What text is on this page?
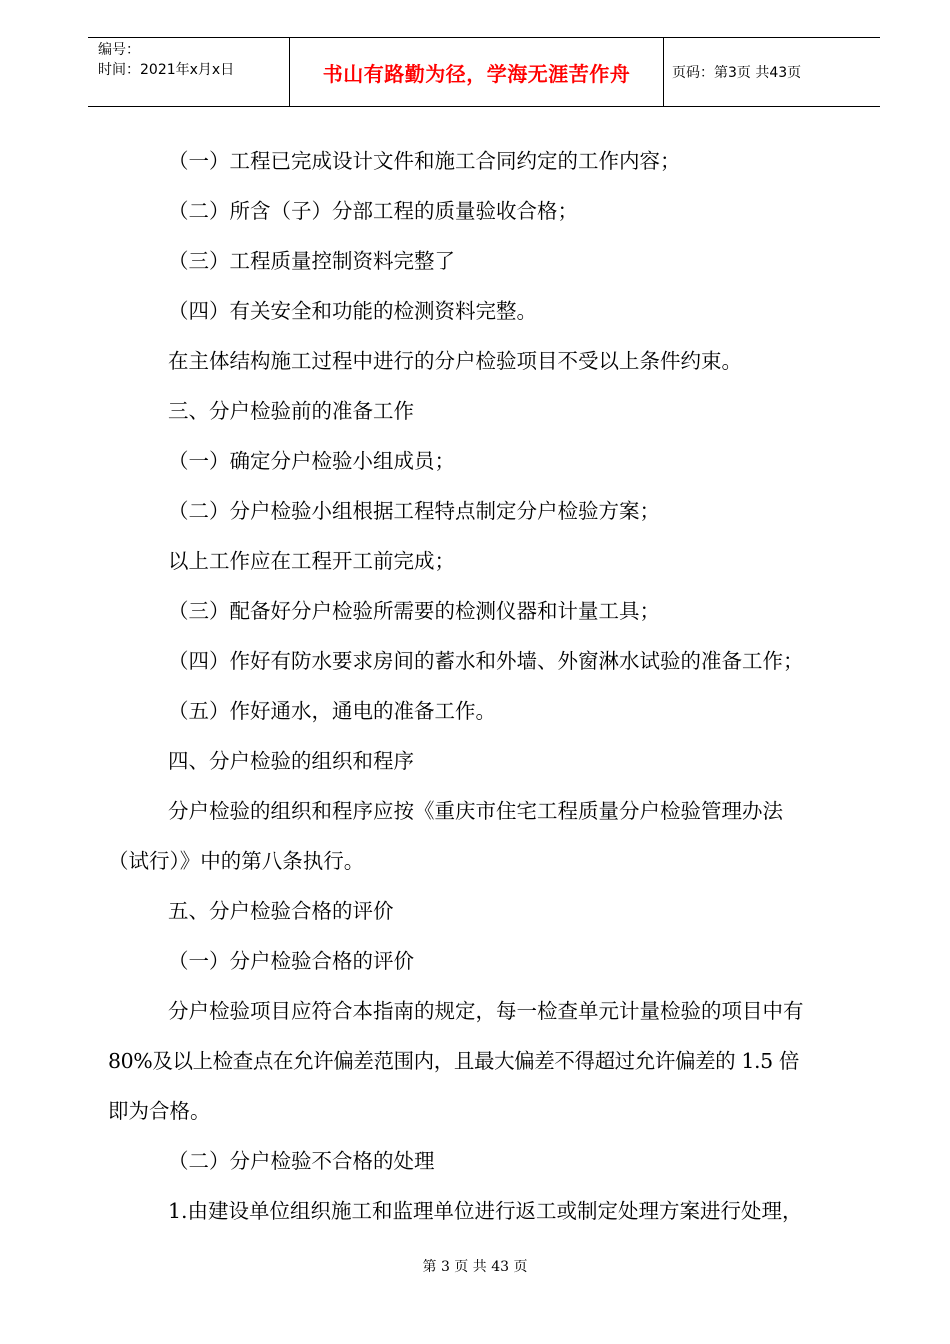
编号：
时间：2021年x月x日	书山有路勤为径，学海无涯苦作舟	页码：第3页 共43页
（一）工程已完成设计文件和施工合同约定的工作内容；
（二）所含（子）分部工程的质量验收合格；
（三）工程质量控制资料完整了
（四）有关安全和功能的检测资料完整。
在主体结构施工过程中进行的分户检验项目不受以上条件约束。
三、分户检验前的准备工作
（一）确定分户检验小组成员；
（二）分户检验小组根据工程特点制定分户检验方案；
以上工作应在工程开工前完成；
（三）配备好分户检验所需要的检测仪器和计量工具；
（四）作好有防水要求房间的蓄水和外墙、外窗淋水试验的准备工作；
（五）作好通水，通电的准备工作。
四、分户检验的组织和程序
分户检验的组织和程序应按《重庆市住宅工程质量分户检验管理办法
（试行）》中的第八条执行。
五、分户检验合格的评价
（一）分户检验合格的评价
分户检验项目应符合本指南的规定，每一检查单元计量检验的项目中有
80%及以上检查点在允许偏差范围内，且最大偏差不得超过允许偏差的 1.5 倍
即为合格。
（二）分户检验不合格的处理
1.由建设单位组织施工和监理单位进行返工或制定处理方案进行处理，
第 3 页 共 43 页
